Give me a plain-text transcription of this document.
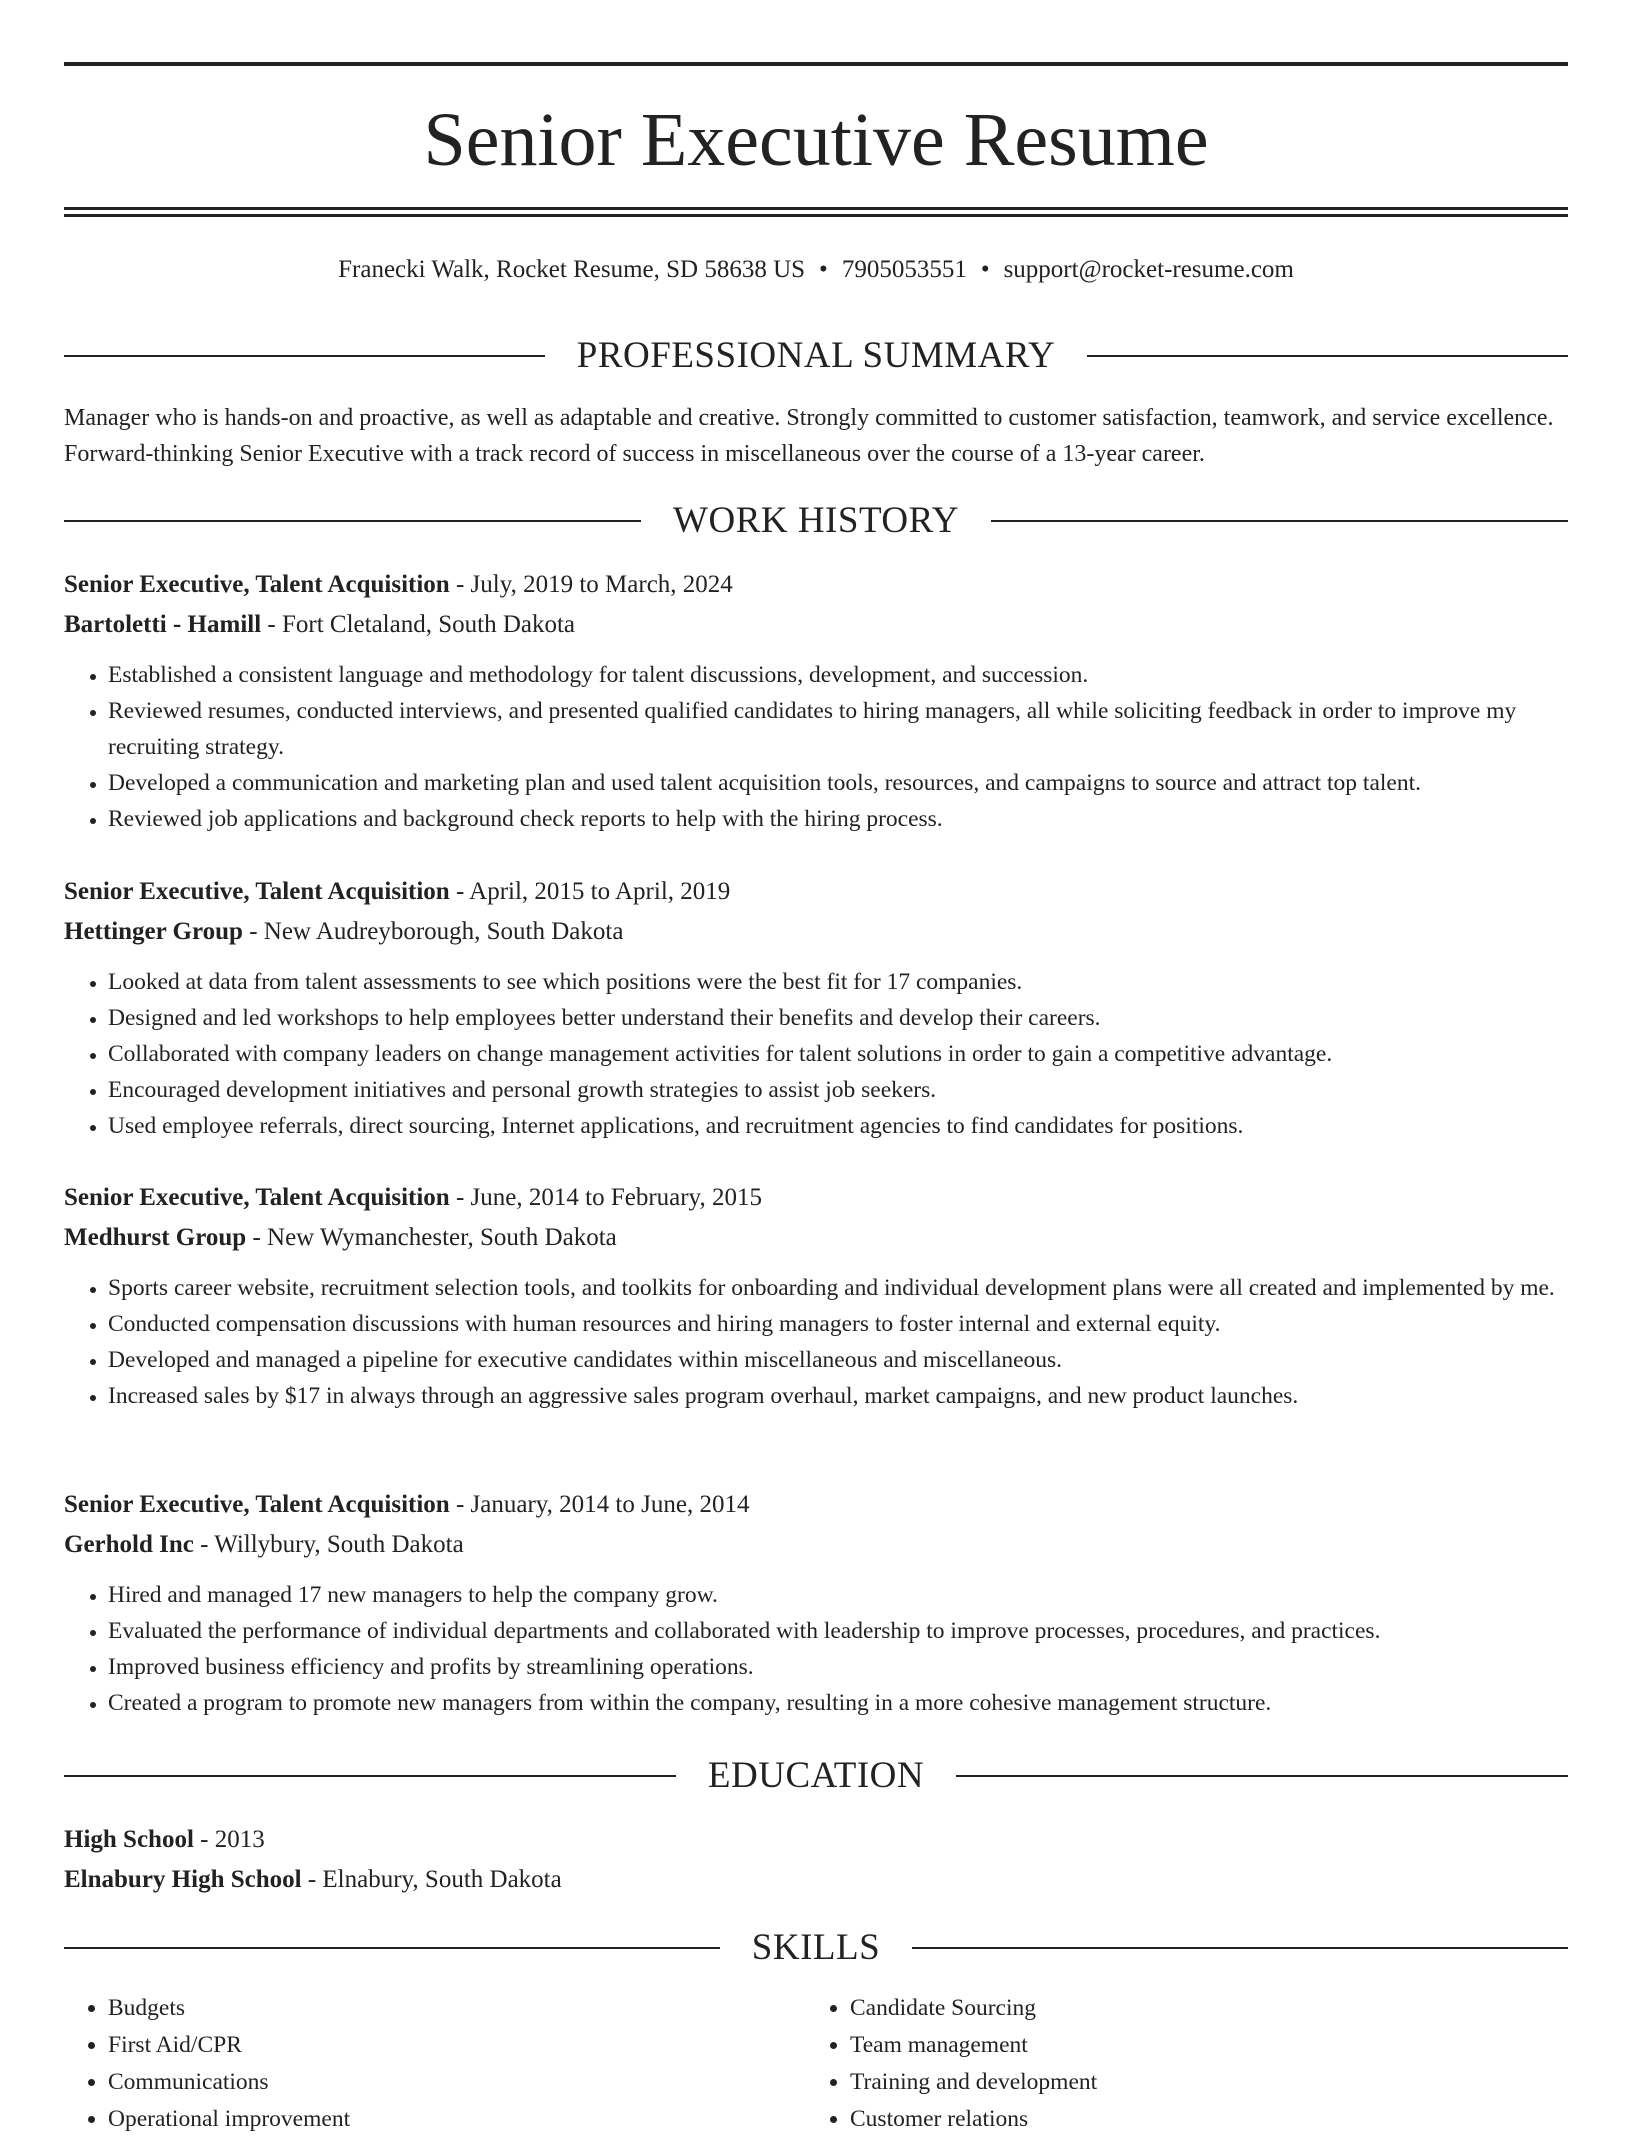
Senior Executive Resume
Franecki Walk, Rocket Resume, SD 58638 US • 7905053551 • support@rocket-resume.com
PROFESSIONAL SUMMARY

Manager who is hands-on and proactive, as well as adaptable and creative. Strongly committed to customer satisfaction, teamwork, and service excellence. Forward-thinking Senior Executive with a track record of success in miscellaneous over the course of a 13-year career.

WORK HISTORY

Senior Executive, Talent Acquisition - July, 2019 to March, 2024

Bartoletti - Hamill - Fort Cletaland, South Dakota

• Established a consistent language and methodology for talent discussions, development, and succession.
• Reviewed resumes, conducted interviews, and presented qualified candidates to hiring managers, all while soliciting feedback in order to improve my recruiting strategy.
• Developed a communication and marketing plan and used talent acquisition tools, resources, and campaigns to source and attract top talent.
• Reviewed job applications and background check reports to help with the hiring process.

Senior Executive, Talent Acquisition - April, 2015 to April, 2019

Hettinger Group - New Audreyborough, South Dakota

• Looked at data from talent assessments to see which positions were the best fit for 17 companies.
• Designed and led workshops to help employees better understand their benefits and develop their careers.
• Collaborated with company leaders on change management activities for talent solutions in order to gain a competitive advantage.
• Encouraged development initiatives and personal growth strategies to assist job seekers.
• Used employee referrals, direct sourcing, Internet applications, and recruitment agencies to find candidates for positions.

Senior Executive, Talent Acquisition - June, 2014 to February, 2015

Medhurst Group - New Wymanchester, South Dakota

• Sports career website, recruitment selection tools, and toolkits for onboarding and individual development plans were all created and implemented by me.
• Conducted compensation discussions with human resources and hiring managers to foster internal and external equity.
• Developed and managed a pipeline for executive candidates within miscellaneous and miscellaneous.
• Increased sales by $17 in always through an aggressive sales program overhaul, market campaigns, and new product launches.

Senior Executive, Talent Acquisition - January, 2014 to June, 2014

Gerhold Inc - Willybury, South Dakota

• Hired and managed 17 new managers to help the company grow.
• Evaluated the performance of individual departments and collaborated with leadership to improve processes, procedures, and practices.
• Improved business efficiency and profits by streamlining operations.
• Created a program to promote new managers from within the company, resulting in a more cohesive management structure.
EDUCATION

High School - 2013

Elnabury High School - Elnabury, South Dakota

SKILLS
• Budgets
• First Aid/CPR
• Communications
• Operational improvement
• Candidate Sourcing
• Team management
• Training and development
• Customer relations
